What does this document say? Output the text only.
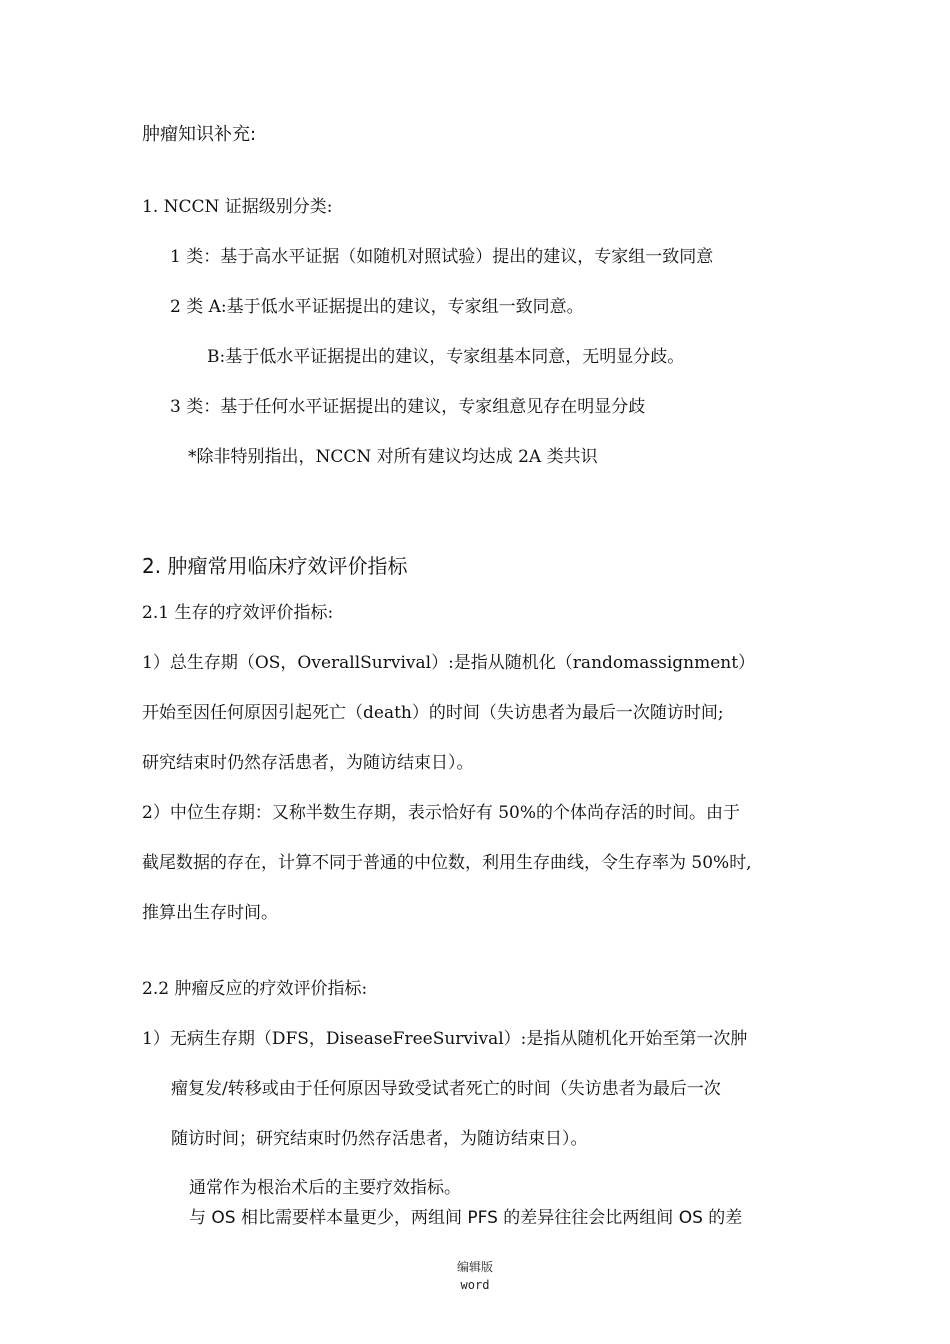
肿瘤知识补充:
1. NCCN 证据级别分类:
1 类：基于高水平证据（如随机对照试验）提出的建议，专家组一致同意
2 类 A:基于低水平证据提出的建议，专家组一致同意。
B:基于低水平证据提出的建议，专家组基本同意，无明显分歧。
3 类：基于任何水平证据提出的建议，专家组意见存在明显分歧
*除非特别指出，NCCN 对所有建议均达成 2A 类共识
2. 肿瘤常用临床疗效评价指标
2.1 生存的疗效评价指标:
1）总生存期（OS，OverallSurvival）:是指从随机化（randomassignment）
开始至因任何原因引起死亡（death）的时间（失访患者为最后一次随访时间;
研究结束时仍然存活患者，为随访结束日）。
2）中位生存期：又称半数生存期，表示恰好有 50%的个体尚存活的时间。由于
截尾数据的存在，计算不同于普通的中位数，利用生存曲线，令生存率为 50%时,
推算出生存时间。
2.2 肿瘤反应的疗效评价指标:
1）无病生存期（DFS，DiseaseFreeSurvival）:是指从随机化开始至第一次肿
瘤复发/转移或由于任何原因导致受试者死亡的时间（失访患者为最后一次
随访时间；研究结束时仍然存活患者，为随访结束日）。
通常作为根治术后的主要疗效指标。
与 OS 相比需要样本量更少，两组间 PFS 的差异往往会比两组间 OS 的差
编辑版
word
